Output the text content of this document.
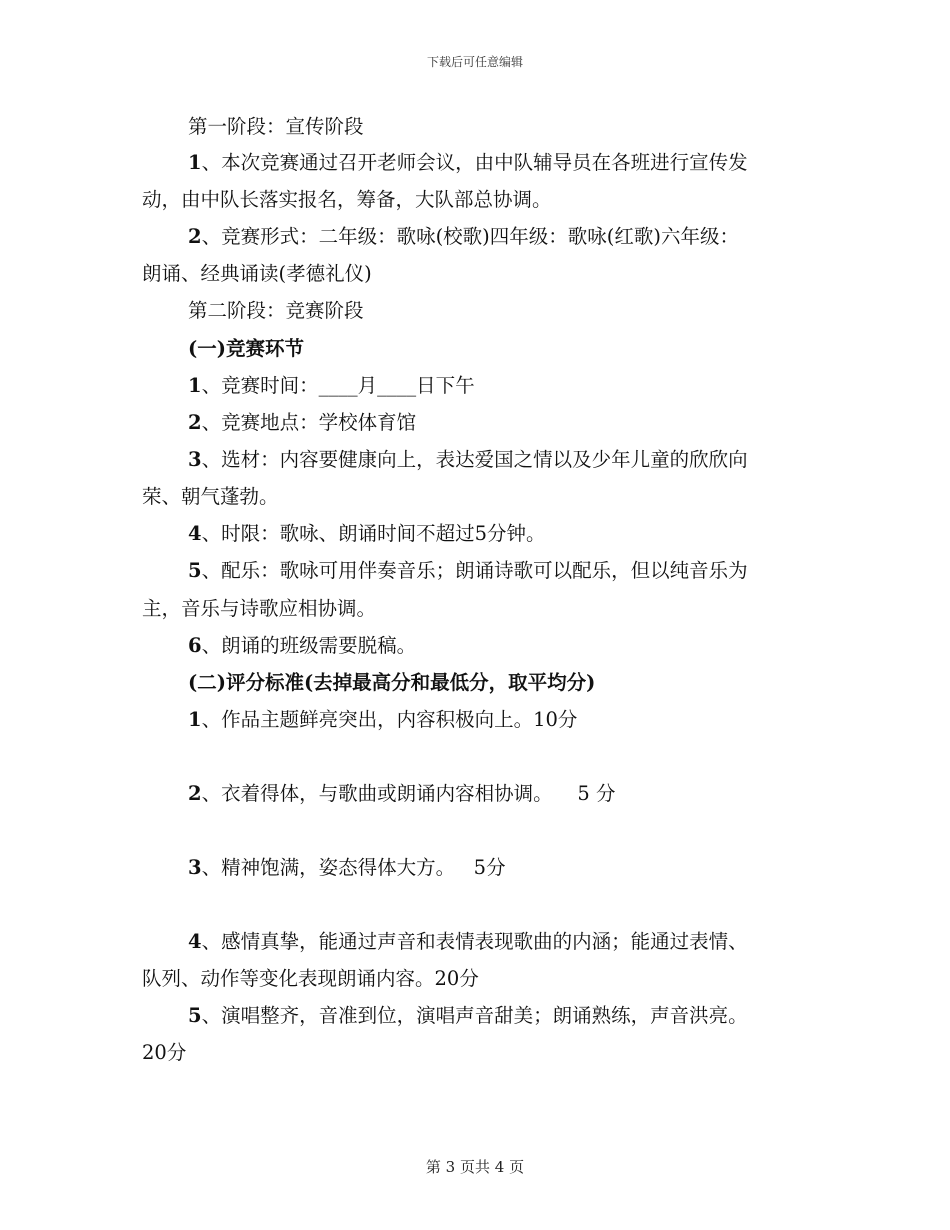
下载后可任意编辑
第一阶段：宣传阶段
1、本次竞赛通过召开老师会议，由中队辅导员在各班进行宣传发
动，由中队长落实报名，筹备，大队部总协调。
2、竞赛形式：二年级：歌咏(校歌)四年级：歌咏(红歌)六年级：
朗诵、经典诵读(孝德礼仪)
第二阶段：竞赛阶段
(一)竞赛环节
1、竞赛时间：____月____日下午
2、竞赛地点：学校体育馆
3、选材：内容要健康向上，表达爱国之情以及少年儿童的欣欣向
荣、朝气蓬勃。
4、时限：歌咏、朗诵时间不超过5分钟。
5、配乐：歌咏可用伴奏音乐；朗诵诗歌可以配乐，但以纯音乐为
主，音乐与诗歌应相协调。
6、朗诵的班级需要脱稿。
(二)评分标准(去掉最高分和最低分，取平均分)
1、作品主题鲜亮突出，内容积极向上。10分
2、衣着得体，与歌曲或朗诵内容相协调。    5 分
3、精神饱满，姿态得体大方。   5分
4、感情真挚，能通过声音和表情表现歌曲的内涵；能通过表情、
队列、动作等变化表现朗诵内容。20分
5、演唱整齐，音准到位，演唱声音甜美；朗诵熟练，声音洪亮。
20分
第 3 页共 4 页
